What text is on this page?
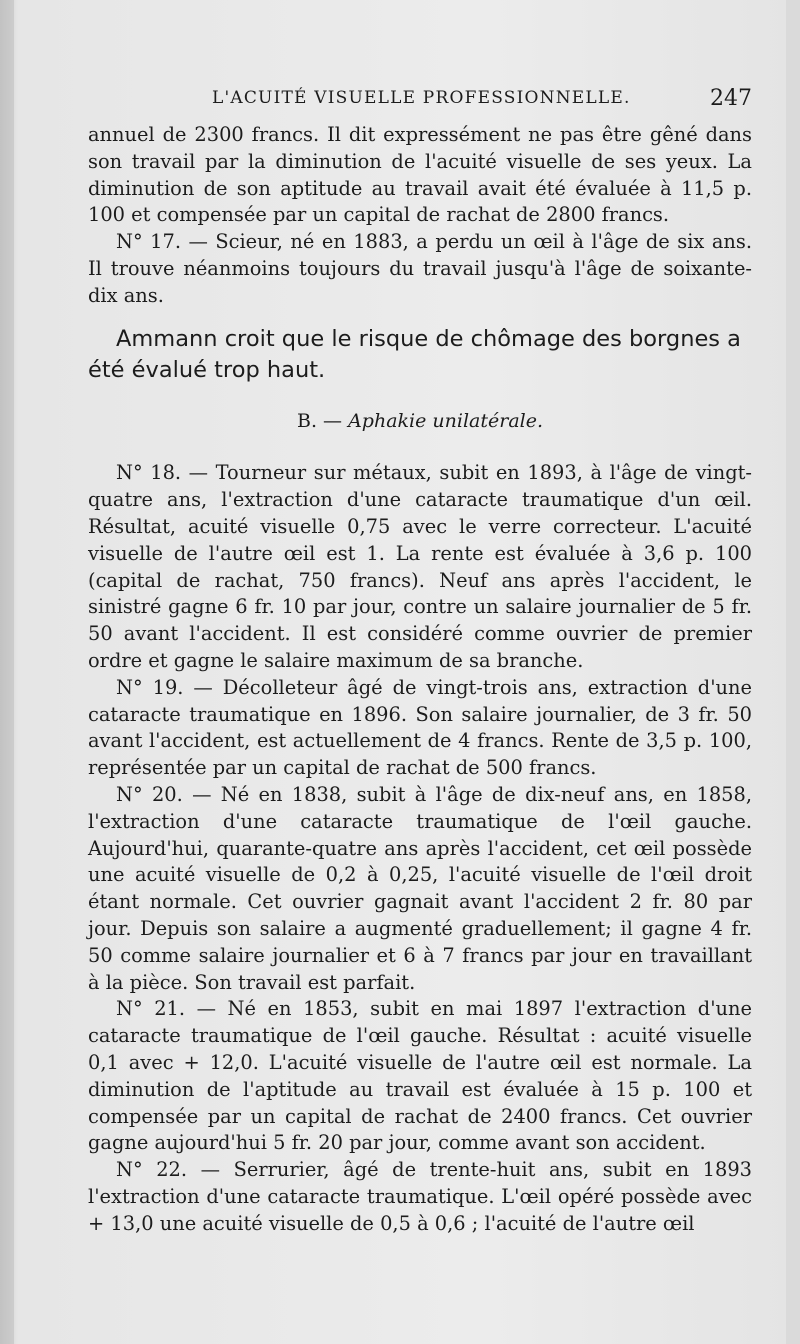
L'ACUITÉ VISUELLE PROFESSIONNELLE.	247

annuel de 2300 francs. Il dit expressément ne pas être gêné dans son travail par la diminution de l'acuité visuelle de ses yeux. La diminution de son aptitude au travail avait été évaluée à 11,5 p. 100 et compensée par un capital de rachat de 2800 francs.

N° 17. — Scieur, né en 1883, a perdu un œil à l'âge de six ans. Il trouve néanmoins toujours du travail jusqu'à l'âge de soixante-dix ans.

Ammann croit que le risque de chômage des borgnes a été évalué trop haut.

B. — Aphakie unilatérale.

N° 18. — Tourneur sur métaux, subit en 1893, à l'âge de vingt-quatre ans, l'extraction d'une cataracte traumatique d'un œil. Résultat, acuité visuelle 0,75 avec le verre correcteur. L'acuité visuelle de l'autre œil est 1. La rente est évaluée à 3,6 p. 100 (capital de rachat, 750 francs). Neuf ans après l'accident, le sinistré gagne 6 fr. 10 par jour, contre un salaire journalier de 5 fr. 50 avant l'accident. Il est considéré comme ouvrier de premier ordre et gagne le salaire maximum de sa branche.

N° 19. — Décolleteur âgé de vingt-trois ans, extraction d'une cataracte traumatique en 1896. Son salaire journalier, de 3 fr. 50 avant l'accident, est actuellement de 4 francs. Rente de 3,5 p. 100, représentée par un capital de rachat de 500 francs.

N° 20. — Né en 1838, subit à l'âge de dix-neuf ans, en 1858, l'extraction d'une cataracte traumatique de l'œil gauche. Aujourd'hui, quarante-quatre ans après l'accident, cet œil possède une acuité visuelle de 0,2 à 0,25, l'acuité visuelle de l'œil droit étant normale. Cet ouvrier gagnait avant l'accident 2 fr. 80 par jour. Depuis son salaire a augmenté graduellement; il gagne 4 fr. 50 comme salaire journalier et 6 à 7 francs par jour en travaillant à la pièce. Son travail est parfait.

N° 21. — Né en 1853, subit en mai 1897 l'extraction d'une cataracte traumatique de l'œil gauche. Résultat : acuité visuelle 0,1 avec + 12,0. L'acuité visuelle de l'autre œil est normale. La diminution de l'aptitude au travail est évaluée à 15 p. 100 et compensée par un capital de rachat de 2400 francs. Cet ouvrier gagne aujourd'hui 5 fr. 20 par jour, comme avant son accident.

N° 22. — Serrurier, âgé de trente-huit ans, subit en 1893 l'extraction d'une cataracte traumatique. L'œil opéré possède avec + 13,0 une acuité visuelle de 0,5 à 0,6 ; l'acuité de l'autre œil
